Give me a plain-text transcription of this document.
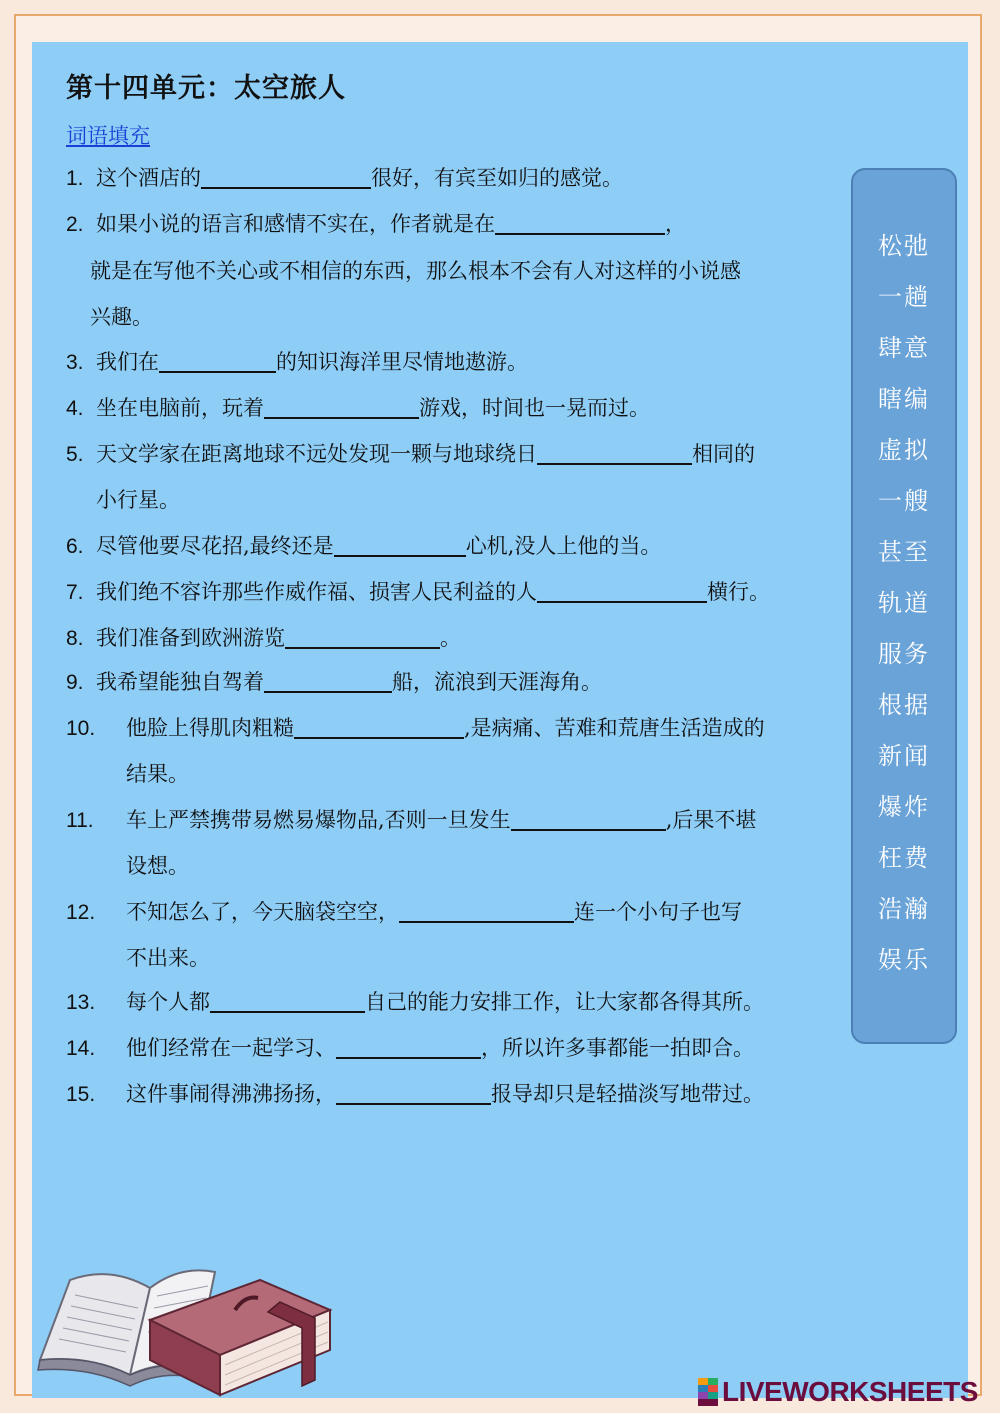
第十四单元：太空旅人
词语填充
1. 这个酒店的	很好，有宾至如归的感觉。
2. 如果小说的语言和感情不实在，作者就是在	，
就是在写他不关心或不相信的东西，那么根本不会有人对这样的小说感
兴趣。
3. 我们在	的知识海洋里尽情地遨游。
4. 坐在电脑前，玩着	游戏，时间也一晃而过。
5. 天文学家在距离地球不远处发现一颗与地球绕日	相同的
小行星。
6. 尽管他要尽花招,最终还是	心机,没人上他的当。
7. 我们绝不容许那些作威作福、损害人民利益的人	横行。
8. 我们准备到欧洲游览	。
9. 我希望能独自驾着	船，流浪到天涯海角。
10. 他脸上得肌肉粗糙	,是病痛、苦难和荒唐生活造成的
结果。
11. 车上严禁携带易燃易爆物品,否则一旦发生	,后果不堪
设想。
12. 不知怎么了，今天脑袋空空，	连一个小句子也写
不出来。
13. 每个人都	自己的能力安排工作，让大家都各得其所。
14. 他们经常在一起学习、	，所以许多事都能一拍即合。
15. 这件事闹得沸沸扬扬，	报导却只是轻描淡写地带过。
松弛
一趟
肆意
瞎编
虚拟
一艘
甚至
轨道
服务
根据
新闻
爆炸
枉费
浩瀚
娱乐
LIVEWORKSHEETS
